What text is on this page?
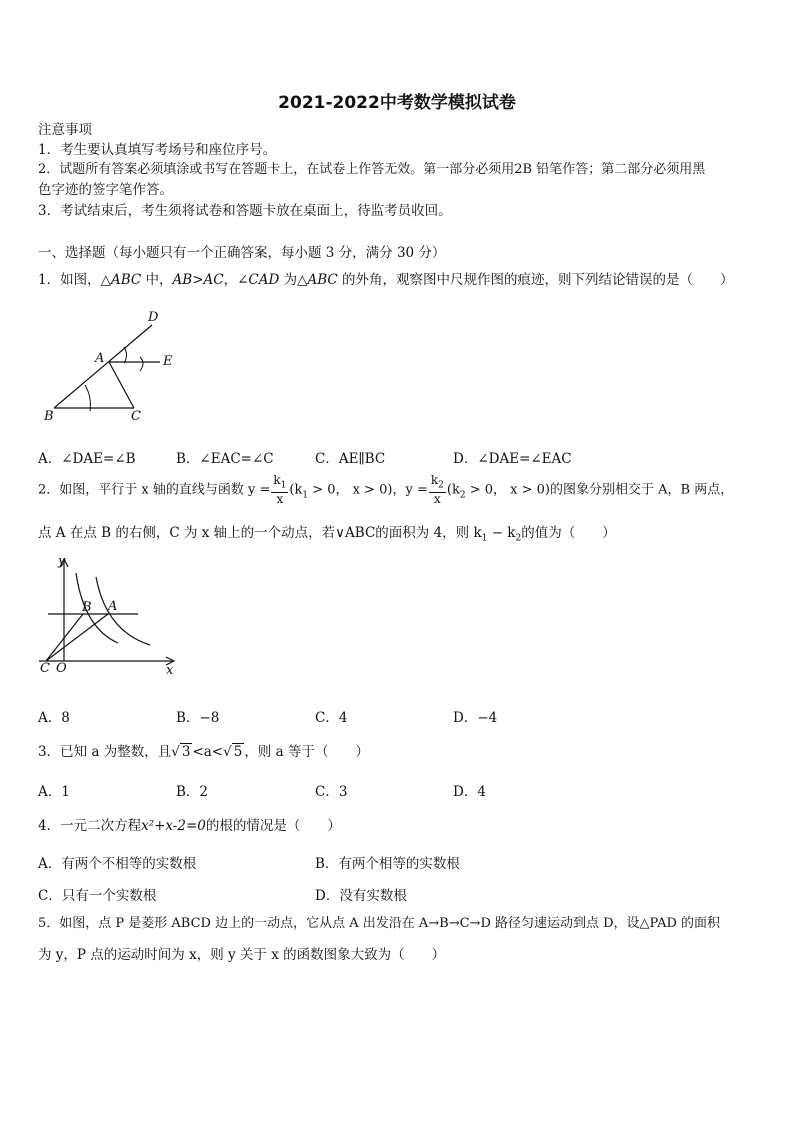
2021-2022中考数学模拟试卷
注意事项
1．考生要认真填写考场号和座位序号。
2．试题所有答案必须填涂或书写在答题卡上，在试卷上作答无效。第一部分必须用2B 铅笔作答；第二部分必须用黑
色字迹的签字笔作答。
3．考试结束后，考生须将试卷和答题卡放在桌面上，待监考员收回。
一、选择题（每小题只有一个正确答案，每小题 3 分，满分 30 分）
1．如图，△ABC 中，AB>AC，∠CAD 为△ABC 的外角，观察图中尺规作图的痕迹，则下列结论错误的是（　　）
D
A	E
B	C
A．∠DAE=∠B	B．∠EAC=∠C	C．AE∥BC	D．∠DAE=∠EAC
2．如图，平行于 x 轴的直线与函数 $y = \frac{k_1}{x} (k_1 > 0$， x > 0)，$y = \frac{k_2}{x} (k_2 > 0$， x > 0)的图象分别相交于 A，B 两点，
点 A 在点 B 的右侧，C 为 x 轴上的一个动点，若∨ABC的面积为 4，则 $k_1 - k_2$的值为（　　）
y
B A
C O	x
A．8	B．−8	C．4	D．−4
3．已知 a 为整数，且√ 3 <a<√ 5 ，则 a 等于（　　）
A．1	B．2	C．3	D．4
4．一元二次方程x²+x-2=0的根的情况是（　　）
A．有两个不相等的实数根	B．有两个相等的实数根
C．只有一个实数根	D．没有实数根
5．如图，点 P 是菱形 ABCD 边上的一动点，它从点 A 出发沿在 A→B→C→D 路径匀速运动到点 D，设△PAD 的面积
为 y，P 点的运动时间为 x，则 y 关于 x 的函数图象大致为（　　）
